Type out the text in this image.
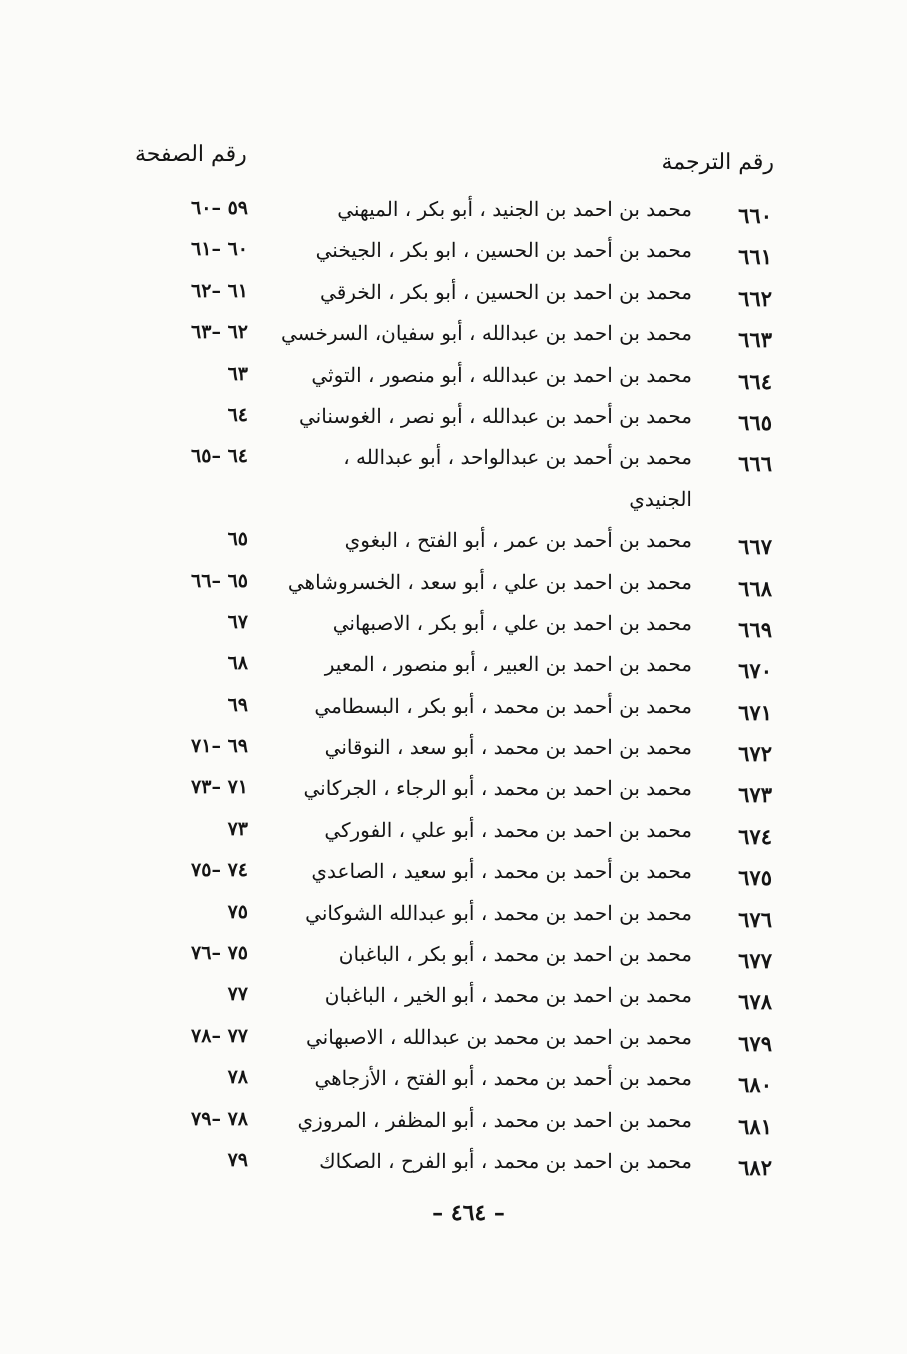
رقم الترجمة
رقم الصفحة
٦٦٠
محمد بن احمد بن الجنيد ، أبو بكر ، الميهني
٥٩ –٦٠
٦٦١
محمد بن أحمد بن الحسين ، ابو بكر ، الجيخني
٦٠ –٦١
٦٦٢
محمد بن احمد بن الحسين ، أبو بكر ، الخرقي
٦١ –٦٢
٦٦٣
محمد بن احمد بن عبدالله ، أبو سفيان، السرخسي
٦٢ –٦٣
٦٦٤
محمد بن احمد بن عبدالله ، أبو منصور ، التوثي
٦٣
٦٦٥
محمد بن أحمد بن عبدالله ، أبو نصر ، الغوسناني
٦٤
٦٦٦
محمد بن أحمد بن عبدالواحد ، أبو عبدالله ،
٦٤ –٦٥
الجنيدي
٦٦٧
محمد بن أحمد بن عمر ، أبو الفتح ، البغوي
٦٥
٦٦٨
محمد بن احمد بن علي ، أبو سعد ، الخسروشاهي
٦٥ –٦٦
٦٦٩
محمد بن احمد بن علي ، أبو بكر ، الاصبهاني
٦٧
٦٧٠
محمد بن احمد بن العبير ، أبو منصور ، المعير
٦٨
٦٧١
محمد بن أحمد بن محمد ، أبو بكر ، البسطامي
٦٩
٦٧٢
محمد بن احمد بن محمد ، أبو سعد ، النوقاني
٦٩ –٧١
٦٧٣
محمد بن احمد بن محمد ، أبو الرجاء ، الجركاني
٧١ –٧٣
٦٧٤
محمد بن احمد بن محمد ، أبو علي ، الفوركي
٧٣
٦٧٥
محمد بن أحمد بن محمد ، أبو سعيد ، الصاعدي
٧٤ –٧٥
٦٧٦
محمد بن احمد بن محمد ، أبو عبدالله الشوكاني
٧٥
٦٧٧
محمد بن احمد بن محمد ، أبو بكر ، الباغبان
٧٥ –٧٦
٦٧٨
محمد بن احمد بن محمد ، أبو الخير ، الباغبان
٧٧
٦٧٩
محمد بن احمد بن محمد بن عبدالله ، الاصبهاني
٧٧ –٧٨
٦٨٠
محمد بن أحمد بن محمد ، أبو الفتح ، الأزجاهي
٧٨
٦٨١
محمد بن احمد بن محمد ، أبو المظفر ، المروزي
٧٨ –٧٩
٦٨٢
محمد بن احمد بن محمد ، أبو الفرح ، الصكاك
٧٩
– ٤٦٤ –
